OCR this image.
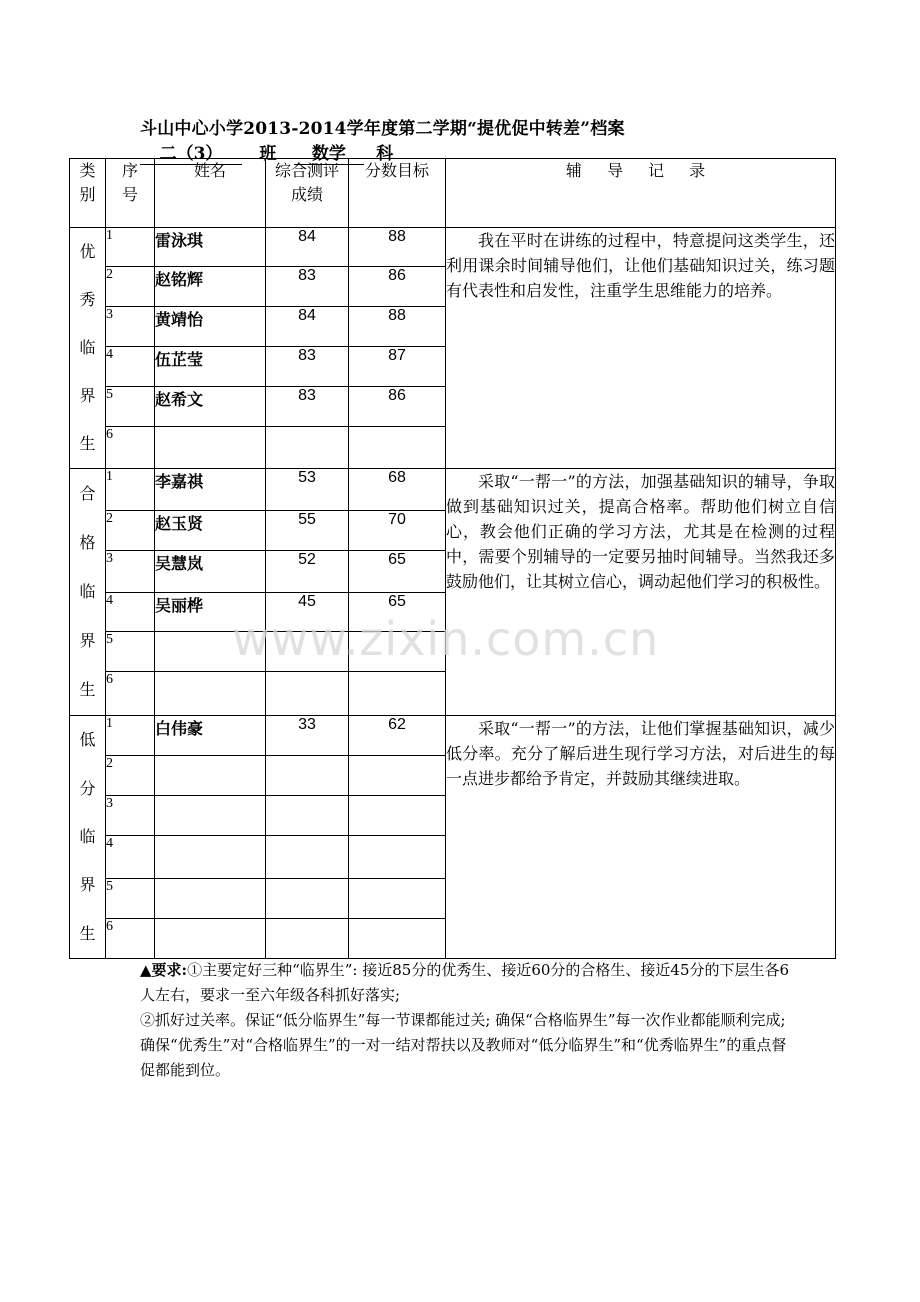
斗山中心小学2013-2014学年度第二学期“提优促中转差”档案
二（3） 班 数学 科
类别	序号	姓名	综合测评成绩	分数目标	辅 导 记 录

优
秀
临
界
生	1	雷泳琪	84	88	我在平时在讲练的过程中，特意提问这类学生，还利用课余时间辅导他们，让他们基础知识过关，练习题有代表性和启发性，注重学生思维能力的培养。
	2	赵铭辉	83	86	
	3	黄靖怡	84	88	
	4	伍芷莹	83	87	
	5	赵希文	83	86	
	6				

合
格
临
界
生	1	李嘉祺	53	68	采取“一帮一”的方法，加强基础知识的辅导，争取做到基础知识过关，提高合格率。帮助他们树立自信心，教会他们正确的学习方法，尤其是在检测的过程中，需要个别辅导的一定要另抽时间辅导。当然我还多鼓励他们，让其树立信心，调动起他们学习的积极性。
	2	赵玉贤	55	70	
	3	吴慧岚	52	65	
	4	吴丽桦	45	65	
	5				
	6				

低
分
临
界
生	1	白伟豪	33	62	采取“一帮一”的方法，让他们掌握基础知识，减少低分率。充分了解后进生现行学习方法，对后进生的每一点进步都给予肯定，并鼓励其继续进取。
	2				
	3				
	4				
	5				
	6				

▲要求:①主要定好三种“临界生”: 接近85分的优秀生、接近60分的合格生、接近45分的下层生各6人左右，要求一至六年级各科抓好落实;

②抓好过关率。保证“低分临界生”每一节课都能过关; 确保“合格临界生”每一次作业都能顺利完成; 确保“优秀生”对“合格临界生”的一对一结对帮扶以及教师对“低分临界生”和“优秀临界生”的重点督促都能到位。

www.zixin.com.cn
